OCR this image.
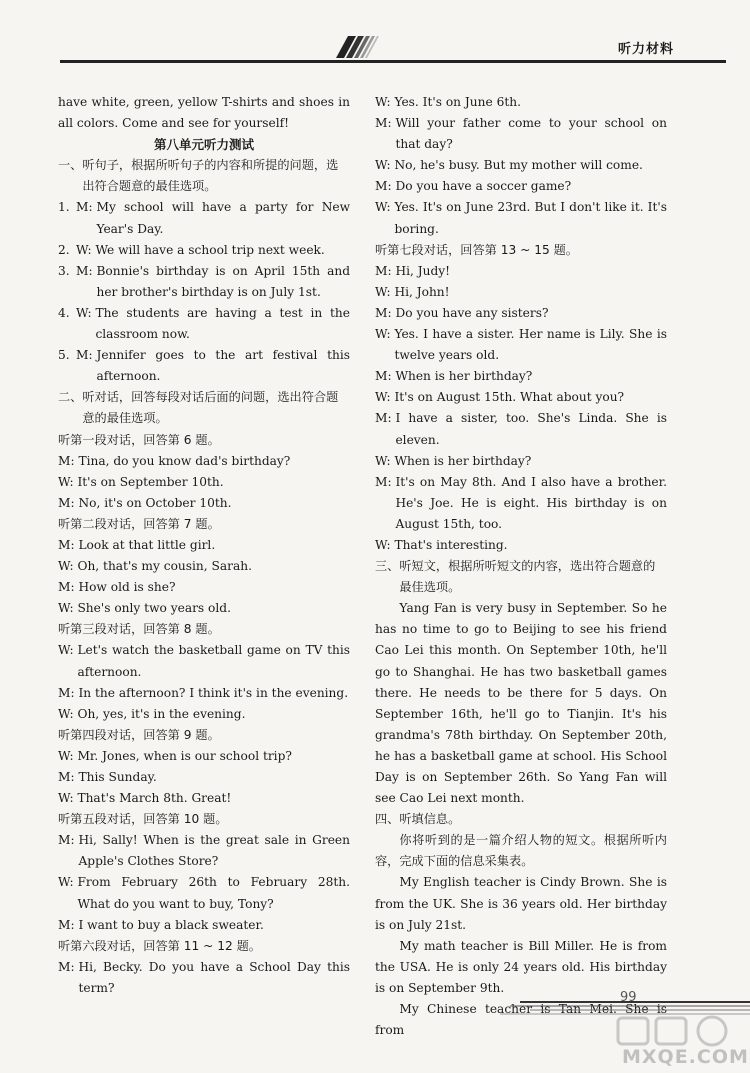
听力材料

have white, green, yellow T-shirts and shoes in all colors. Come and see for yourself!

第八单元听力测试

一、 听句子，根据所听句子的内容和所提的问题，选出符合题意的最佳选项。
1. M:
My school will have a party for New Year's Day.
2. W:
We will have a school trip next week.
3. M:
Bonnie's birthday is on April 15th and her brother's birthday is on July 1st.
4. W:
The students are having a test in the classroom now.
5. M:
Jennifer goes to the art festival this afternoon.
二、 听对话，回答每段对话后面的问题，选出符合题意的最佳选项。

听第一段对话，回答第 6 题。

M:
Tina, do you know dad's birthday?
W:
It's on September 10th.
M:
No, it's on October 10th.

听第二段对话，回答第 7 题。

M:
Look at that little girl.
W:
Oh, that's my cousin, Sarah.
M:
How old is she?
W:
She's only two years old.

听第三段对话，回答第 8 题。

W:
Let's watch the basketball game on TV this afternoon.
M:
In the afternoon? I think it's in the evening.
W:
Oh, yes, it's in the evening.

听第四段对话，回答第 9 题。

W:
Mr. Jones, when is our school trip?
M:
This Sunday.
W:
That's March 8th. Great!

听第五段对话，回答第 10 题。

M:
Hi, Sally! When is the great sale in Green Apple's Clothes Store?
W:
From February 26th to February 28th. What do you want to buy, Tony?
M:
I want to buy a black sweater.

听第六段对话，回答第 11 ~ 12 题。

M:
Hi, Becky. Do you have a School Day this term?
W:
Yes. It's on June 6th.
M:
Will your father come to your school on that day?
W:
No, he's busy. But my mother will come.
M:
Do you have a soccer game?
W:
Yes. It's on June 23rd. But I don't like it. It's boring.

听第七段对话，回答第 13 ~ 15 题。

M:
Hi, Judy!
W:
Hi, John!
M:
Do you have any sisters?
W:
Yes. I have a sister. Her name is Lily. She is twelve years old.
M:
When is her birthday?
W:
It's on August 15th. What about you?
M:
I have a sister, too. She's Linda. She is eleven.
W:
When is her birthday?
M:
It's on May 8th. And I also have a brother. He's Joe. He is eight. His birthday is on August 15th, too.
W:
That's interesting.
三、 听短文，根据所听短文的内容，选出符合题意的最佳选项。

Yang Fan is very busy in September. So he has no time to go to Beijing to see his friend Cao Lei this month. On September 10th, he'll go to Shanghai. He has two basketball games there. He needs to be there for 5 days. On September 16th, he'll go to Tianjin. It's his grandma's 78th birthday. On September 20th, he has a basketball game at school. His School Day is on September 26th. So Yang Fan will see Cao Lei next month.

四、 听填信息。

你将听到的是一篇介绍人物的短文。根据所听内容，完成下面的信息采集表。

My English teacher is Cindy Brown. She is from the UK. She is 36 years old. Her birthday is on July 21st.

My math teacher is Bill Miller. He is from the USA. He is only 24 years old. His birthday is on September 9th.

My Chinese teacher is Tan Mei. She is from

99
MXQE.COM
